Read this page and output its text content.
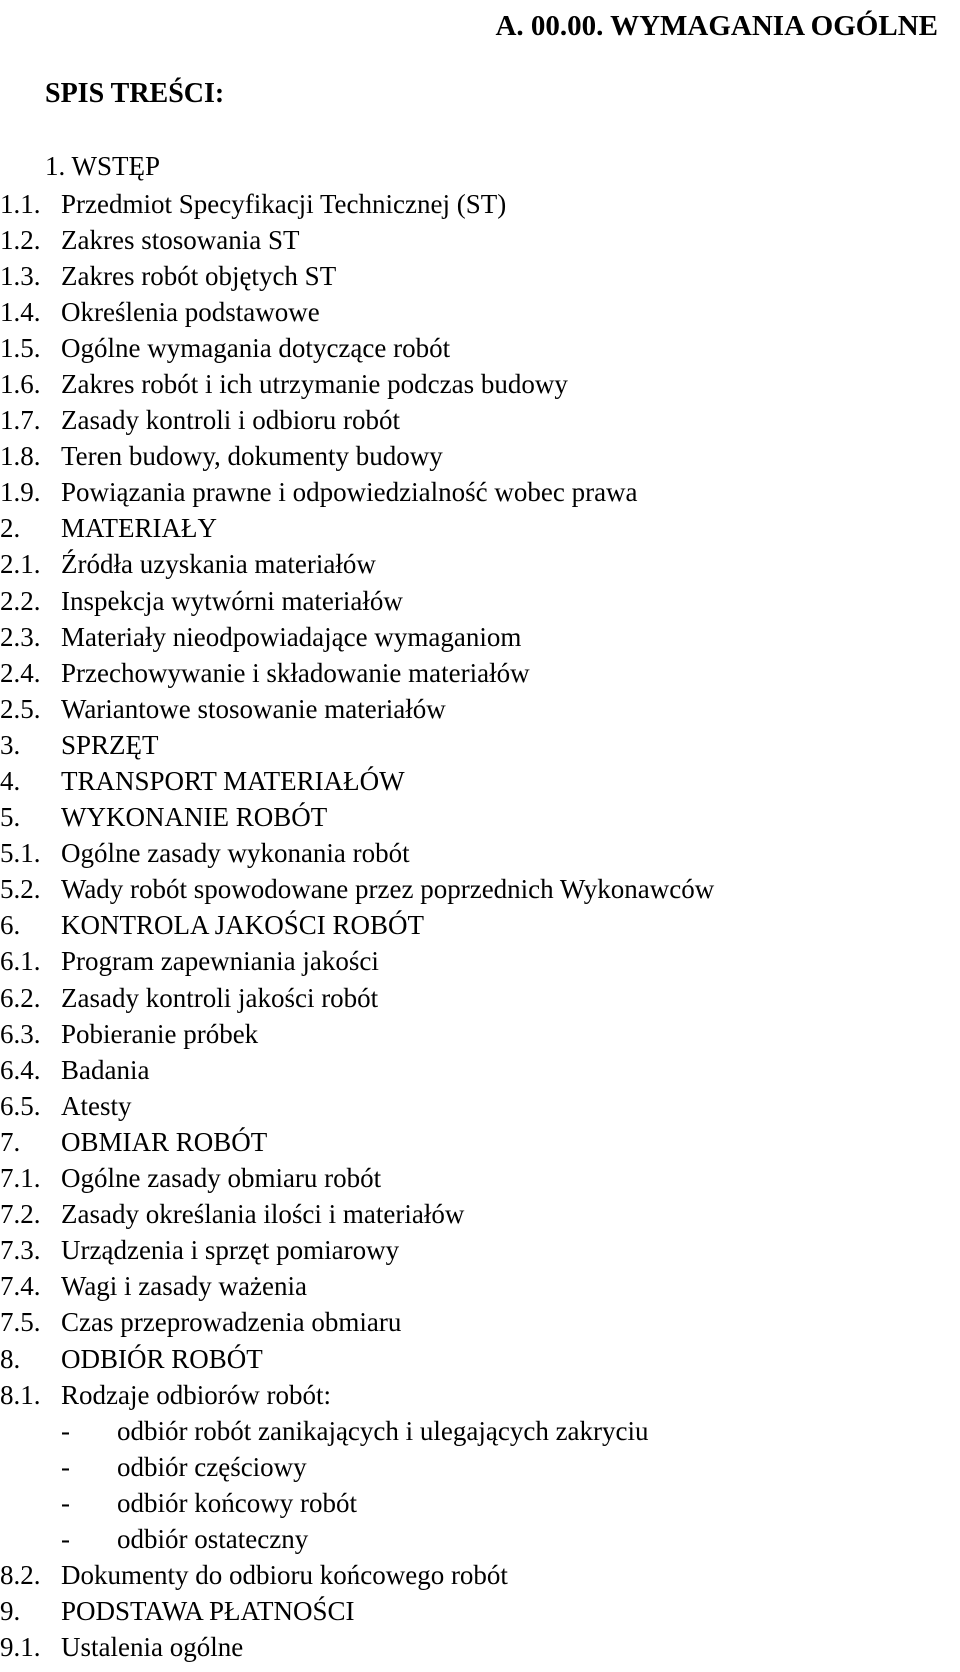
A. 00.00. WYMAGANIA OGÓLNE
SPIS TREŚCI:
1. WSTĘP
1.1. Przedmiot Specyfikacji Technicznej (ST)
1.2. Zakres stosowania ST
1.3. Zakres robót objętych ST
1.4. Określenia podstawowe
1.5. Ogólne wymagania dotyczące robót
1.6. Zakres robót i ich utrzymanie podczas budowy
1.7. Zasady kontroli i odbioru robót
1.8. Teren budowy, dokumenty budowy
1.9. Powiązania prawne i odpowiedzialność wobec prawa
2. MATERIAŁY
2.1. Źródła uzyskania materiałów
2.2. Inspekcja wytwórni materiałów
2.3. Materiały nieodpowiadające wymaganiom
2.4. Przechowywanie i składowanie materiałów
2.5. Wariantowe stosowanie materiałów
3. SPRZĘT
4. TRANSPORT MATERIAŁÓW
5. WYKONANIE ROBÓT
5.1. Ogólne zasady wykonania robót
5.2. Wady robót spowodowane przez poprzednich Wykonawców
6. KONTROLA JAKOŚCI ROBÓT
6.1. Program zapewniania jakości
6.2. Zasady kontroli jakości robót
6.3. Pobieranie próbek
6.4. Badania
6.5. Atesty
7. OBMIAR ROBÓT
7.1. Ogólne zasady obmiaru robót
7.2. Zasady określania ilości i materiałów
7.3. Urządzenia i sprzęt pomiarowy
7.4. Wagi i zasady ważenia
7.5. Czas przeprowadzenia obmiaru
8. ODBIÓR ROBÓT
8.1. Rodzaje odbiorów robót:
- odbiór robót zanikających i ulegających zakryciu
- odbiór częściowy
- odbiór końcowy robót
- odbiór ostateczny
8.2. Dokumenty do odbioru końcowego robót
9. PODSTAWA PŁATNOŚCI
9.1. Ustalenia ogólne
